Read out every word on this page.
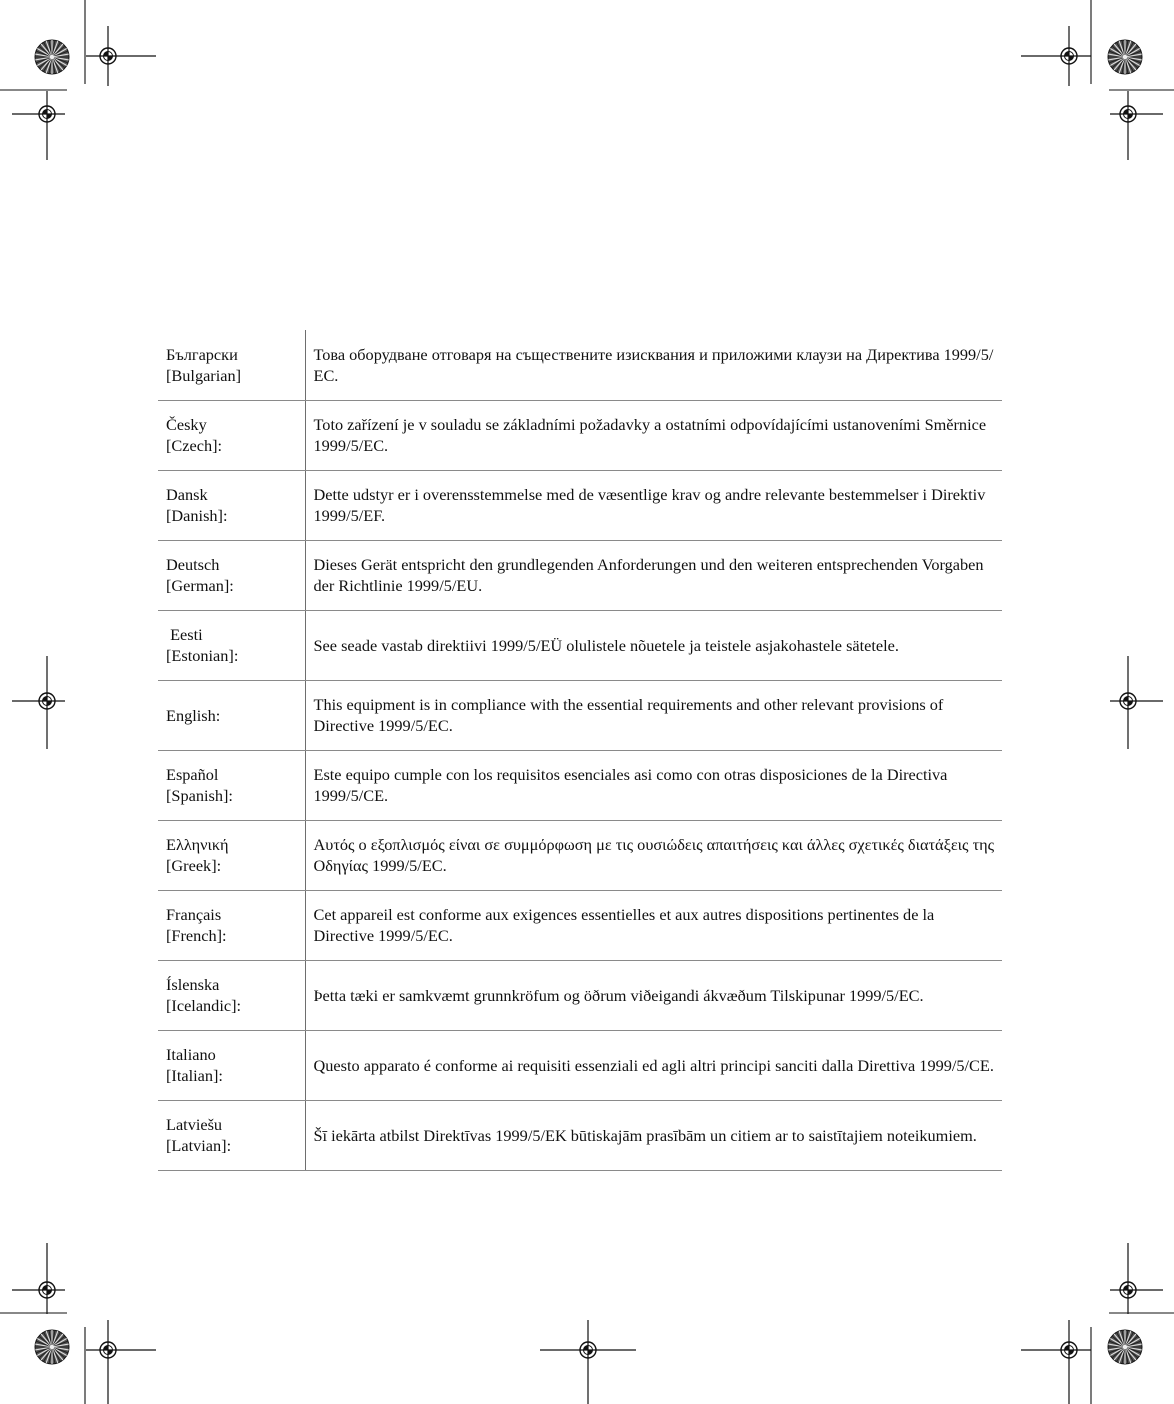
Български
[Bulgarian]	Това оборудване отговаря на съществените изисквания и приложими клаузи на Директива 1999/5/ЕС.

Česky
[Czech]:	Toto zařízení je v souladu se základními požadavky a ostatními odpovídajícími ustanoveními Směrnice 1999/5/EC.

Dansk
[Danish]:	Dette udstyr er i overensstemmelse med de væsentlige krav og andre relevante bestemmelser i Direktiv 1999/5/EF.

Deutsch
[German]:	Dieses Gerät entspricht den grundlegenden Anforderungen und den weiteren entsprechenden Vorgaben der Richtlinie 1999/5/EU.

Eesti
[Estonian]:	See seade vastab direktiivi 1999/5/EÜ olulistele nõuetele ja teistele asjakohastele sätetele.

English:	This equipment is in compliance with the essential requirements and other relevant provisions of Directive 1999/5/EC.

Español
[Spanish]:	Este equipo cumple con los requisitos esenciales asi como con otras disposiciones de la Directiva 1999/5/CE.

Ελληνική
[Greek]:	Αυτός ο εξοπλισμός είναι σε συμμόρφωση με τις ουσιώδεις απαιτήσεις και άλλες σχετικές διατάξεις της Οδηγίας 1999/5/EC.

Français
[French]:	Cet appareil est conforme aux exigences essentielles et aux autres dispositions pertinentes de la Directive 1999/5/EC.

Íslenska
[Icelandic]:	Þetta tæki er samkvæmt grunnkröfum og öðrum viðeigandi ákvæðum Tilskipunar 1999/5/EC.

Italiano
[Italian]:	Questo apparato é conforme ai requisiti essenziali ed agli altri principi sanciti dalla Direttiva 1999/5/CE.

Latviešu
[Latvian]:	Šī iekārta atbilst Direktīvas 1999/5/EK būtiskajām prasībām un citiem ar to saistītajiem noteikumiem.
